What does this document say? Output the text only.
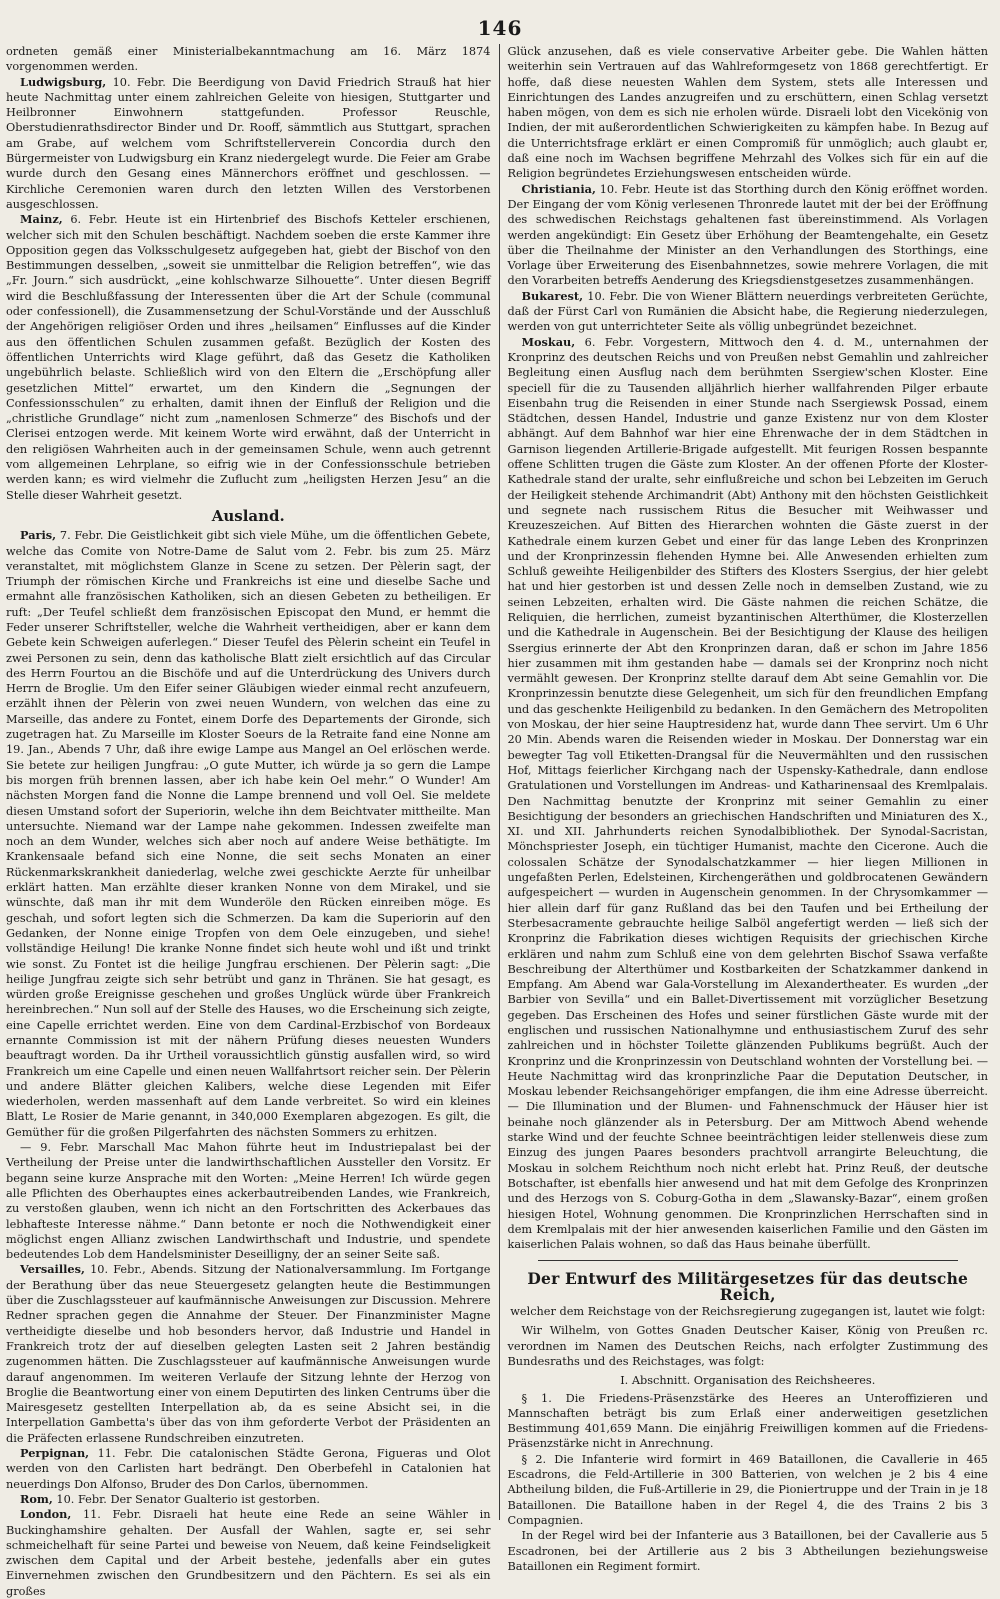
146

ordneten gemäß einer Ministerialbekanntmachung am 16. März 1874 vorgenommen werden.

Ludwigsburg, 10. Febr. Die Beerdigung von David Friedrich Strauß hat hier heute Nachmittag unter einem zahlreichen Geleite von hiesigen, Stuttgarter und Heilbronner Einwohnern stattgefunden. Professor Reuschle, Oberstudienrathsdirector Binder und Dr. Rooff, sämmtlich aus Stuttgart, sprachen am Grabe, auf welchem vom Schriftstellerverein Concordia durch den Bürgermeister von Ludwigsburg ein Kranz niedergelegt wurde. Die Feier am Grabe wurde durch den Gesang eines Männerchors eröffnet und geschlossen. — Kirchliche Ceremonien waren durch den letzten Willen des Verstorbenen ausgeschlossen.

Mainz, 6. Febr. Heute ist ein Hirtenbrief des Bischofs Ketteler erschienen, welcher sich mit den Schulen beschäftigt. Nachdem soeben die erste Kammer ihre Opposition gegen das Volksschulgesetz aufgegeben hat, giebt der Bischof von den Bestimmungen desselben, „soweit sie unmittelbar die Religion betreffen“, wie das „Fr. Journ.“ sich ausdrückt, „eine kohlschwarze Silhouette“. Unter diesen Begriff wird die Beschlußfassung der Interessenten über die Art der Schule (communal oder confessionell), die Zusammensetzung der Schul-Vorstände und der Ausschluß der Angehörigen religiöser Orden und ihres „heilsamen“ Einflusses auf die Kinder aus den öffentlichen Schulen zusammen gefaßt. Bezüglich der Kosten des öffentlichen Unterrichts wird Klage geführt, daß das Gesetz die Katholiken ungebührlich belaste. Schließlich wird von den Eltern die „Erschöpfung aller gesetzlichen Mittel“ erwartet, um den Kindern die „Segnungen der Confessionsschulen“ zu erhalten, damit ihnen der Einfluß der Religion und die „christliche Grundlage“ nicht zum „namenlosen Schmerze“ des Bischofs und der Clerisei entzogen werde. Mit keinem Worte wird erwähnt, daß der Unterricht in den religiösen Wahrheiten auch in der gemeinsamen Schule, wenn auch getrennt vom allgemeinen Lehrplane, so eifrig wie in der Confessionsschule betrieben werden kann; es wird vielmehr die Zuflucht zum „heiligsten Herzen Jesu“ an die Stelle dieser Wahrheit gesetzt.

Ausland.

Paris, 7. Febr. Die Geistlichkeit gibt sich viele Mühe, um die öffentlichen Gebete, welche das Comite von Notre-Dame de Salut vom 2. Febr. bis zum 25. März veranstaltet, mit möglichstem Glanze in Scene zu setzen. Der Pèlerin sagt, der Triumph der römischen Kirche und Frankreichs ist eine und dieselbe Sache und ermahnt alle französischen Katholiken, sich an diesen Gebeten zu betheiligen. Er ruft: „Der Teufel schließt dem französischen Episcopat den Mund, er hemmt die Feder unserer Schriftsteller, welche die Wahrheit vertheidigen, aber er kann dem Gebete kein Schweigen auferlegen.“ Dieser Teufel des Pèlerin scheint ein Teufel in zwei Personen zu sein, denn das katholische Blatt zielt ersichtlich auf das Circular des Herrn Fourtou an die Bischöfe und auf die Unterdrückung des Univers durch Herrn de Broglie. Um den Eifer seiner Gläubigen wieder einmal recht anzufeuern, erzählt ihnen der Pèlerin von zwei neuen Wundern, von welchen das eine zu Marseille, das andere zu Fontet, einem Dorfe des Departements der Gironde, sich zugetragen hat. Zu Marseille im Kloster Soeurs de la Retraite fand eine Nonne am 19. Jan., Abends 7 Uhr, daß ihre ewige Lampe aus Mangel an Oel erlöschen werde. Sie betete zur heiligen Jungfrau: „O gute Mutter, ich würde ja so gern die Lampe bis morgen früh brennen lassen, aber ich habe kein Oel mehr.“ O Wunder! Am nächsten Morgen fand die Nonne die Lampe brennend und voll Oel. Sie meldete diesen Umstand sofort der Superiorin, welche ihn dem Beichtvater mittheilte. Man untersuchte. Niemand war der Lampe nahe gekommen. Indessen zweifelte man noch an dem Wunder, welches sich aber noch auf andere Weise bethätigte. Im Krankensaale befand sich eine Nonne, die seit sechs Monaten an einer Rückenmarkskrankheit daniederlag, welche zwei geschickte Aerzte für unheilbar erklärt hatten. Man erzählte dieser kranken Nonne von dem Mirakel, und sie wünschte, daß man ihr mit dem Wunderöle den Rücken einreiben möge. Es geschah, und sofort legten sich die Schmerzen. Da kam die Superiorin auf den Gedanken, der Nonne einige Tropfen von dem Oele einzugeben, und siehe! vollständige Heilung! Die kranke Nonne findet sich heute wohl und ißt und trinkt wie sonst. Zu Fontet ist die heilige Jungfrau erschienen. Der Pèlerin sagt: „Die heilige Jungfrau zeigte sich sehr betrübt und ganz in Thränen. Sie hat gesagt, es würden große Ereignisse geschehen und großes Unglück würde über Frankreich hereinbrechen.“ Nun soll auf der Stelle des Hauses, wo die Erscheinung sich zeigte, eine Capelle errichtet werden. Eine von dem Cardinal-Erzbischof von Bordeaux ernannte Commission ist mit der nähern Prüfung dieses neuesten Wunders beauftragt worden. Da ihr Urtheil voraussichtlich günstig ausfallen wird, so wird Frankreich um eine Capelle und einen neuen Wallfahrtsort reicher sein. Der Pèlerin und andere Blätter gleichen Kalibers, welche diese Legenden mit Eifer wiederholen, werden massenhaft auf dem Lande verbreitet. So wird ein kleines Blatt, Le Rosier de Marie genannt, in 340,000 Exemplaren abgezogen. Es gilt, die Gemüther für die großen Pilgerfahrten des nächsten Sommers zu erhitzen.

— 9. Febr. Marschall Mac Mahon führte heut im Industriepalast bei der Vertheilung der Preise unter die landwirthschaftlichen Aussteller den Vorsitz. Er begann seine kurze Ansprache mit den Worten: „Meine Herren! Ich würde gegen alle Pflichten des Oberhauptes eines ackerbautreibenden Landes, wie Frankreich, zu verstoßen glauben, wenn ich nicht an den Fortschritten des Ackerbaues das lebhafteste Interesse nähme.“ Dann betonte er noch die Nothwendigkeit einer möglichst engen Allianz zwischen Landwirthschaft und Industrie, und spendete bedeutendes Lob dem Handelsminister Deseilligny, der an seiner Seite saß.

Versailles, 10. Febr., Abends. Sitzung der Nationalversammlung. Im Fortgange der Berathung über das neue Steuergesetz gelangten heute die Bestimmungen über die Zuschlagssteuer auf kaufmännische Anweisungen zur Discussion. Mehrere Redner sprachen gegen die Annahme der Steuer. Der Finanzminister Magne vertheidigte dieselbe und hob besonders hervor, daß Industrie und Handel in Frankreich trotz der auf dieselben gelegten Lasten seit 2 Jahren beständig zugenommen hätten. Die Zuschlagssteuer auf kaufmännische Anweisungen wurde darauf angenommen. Im weiteren Verlaufe der Sitzung lehnte der Herzog von Broglie die Beantwortung einer von einem Deputirten des linken Centrums über die Mairesgesetz gestellten Interpellation ab, da es seine Absicht sei, in die Interpellation Gambetta's über das von ihm geforderte Verbot der Präsidenten an die Präfecten erlassene Rundschreiben einzutreten.

Perpignan, 11. Febr. Die catalonischen Städte Gerona, Figueras und Olot werden von den Carlisten hart bedrängt. Den Oberbefehl in Catalonien hat neuerdings Don Alfonso, Bruder des Don Carlos, übernommen.

Rom, 10. Febr. Der Senator Gualterio ist gestorben.

London, 11. Febr. Disraeli hat heute eine Rede an seine Wähler in Buckinghamshire gehalten. Der Ausfall der Wahlen, sagte er, sei sehr schmeichelhaft für seine Partei und beweise von Neuem, daß keine Feindseligkeit zwischen dem Capital und der Arbeit bestehe, jedenfalls aber ein gutes Einvernehmen zwischen den Grundbesitzern und den Pächtern. Es sei als ein großes

Glück anzusehen, daß es viele conservative Arbeiter gebe. Die Wahlen hätten weiterhin sein Vertrauen auf das Wahlreformgesetz von 1868 gerechtfertigt. Er hoffe, daß diese neuesten Wahlen dem System, stets alle Interessen und Einrichtungen des Landes anzugreifen und zu erschüttern, einen Schlag versetzt haben mögen, von dem es sich nie erholen würde. Disraeli lobt den Vicekönig von Indien, der mit außerordentlichen Schwierigkeiten zu kämpfen habe. In Bezug auf die Unterrichtsfrage erklärt er einen Compromiß für unmöglich; auch glaubt er, daß eine noch im Wachsen begriffene Mehrzahl des Volkes sich für ein auf die Religion begründetes Erziehungswesen entscheiden würde.

Christiania, 10. Febr. Heute ist das Storthing durch den König eröffnet worden. Der Eingang der vom König verlesenen Thronrede lautet mit der bei der Eröffnung des schwedischen Reichstags gehaltenen fast übereinstimmend. Als Vorlagen werden angekündigt: Ein Gesetz über Erhöhung der Beamtengehalte, ein Gesetz über die Theilnahme der Minister an den Verhandlungen des Storthings, eine Vorlage über Erweiterung des Eisenbahnnetzes, sowie mehrere Vorlagen, die mit den Vorarbeiten betreffs Aenderung des Kriegsdienstgesetzes zusammenhängen.

Bukarest, 10. Febr. Die von Wiener Blättern neuerdings verbreiteten Gerüchte, daß der Fürst Carl von Rumänien die Absicht habe, die Regierung niederzulegen, werden von gut unterrichteter Seite als völlig unbegründet bezeichnet.

Moskau, 6. Febr. Vorgestern, Mittwoch den 4. d. M., unternahmen der Kronprinz des deutschen Reichs und von Preußen nebst Gemahlin und zahlreicher Begleitung einen Ausflug nach dem berühmten Ssergiew'schen Kloster. Eine speciell für die zu Tausenden alljährlich hierher wallfahrenden Pilger erbaute Eisenbahn trug die Reisenden in einer Stunde nach Ssergiewsk Possad, einem Städtchen, dessen Handel, Industrie und ganze Existenz nur von dem Kloster abhängt. Auf dem Bahnhof war hier eine Ehrenwache der in dem Städtchen in Garnison liegenden Artillerie-Brigade aufgestellt. Mit feurigen Rossen bespannte offene Schlitten trugen die Gäste zum Kloster. An der offenen Pforte der Kloster-Kathedrale stand der uralte, sehr einflußreiche und schon bei Lebzeiten im Geruch der Heiligkeit stehende Archimandrit (Abt) Anthony mit den höchsten Geistlichkeit und segnete nach russischem Ritus die Besucher mit Weihwasser und Kreuzeszeichen. Auf Bitten des Hierarchen wohnten die Gäste zuerst in der Kathedrale einem kurzen Gebet und einer für das lange Leben des Kronprinzen und der Kronprinzessin flehenden Hymne bei. Alle Anwesenden erhielten zum Schluß geweihte Heiligenbilder des Stifters des Klosters Ssergius, der hier gelebt hat und hier gestorben ist und dessen Zelle noch in demselben Zustand, wie zu seinen Lebzeiten, erhalten wird. Die Gäste nahmen die reichen Schätze, die Reliquien, die herrlichen, zumeist byzantinischen Alterthümer, die Klosterzellen und die Kathedrale in Augenschein. Bei der Besichtigung der Klause des heiligen Ssergius erinnerte der Abt den Kronprinzen daran, daß er schon im Jahre 1856 hier zusammen mit ihm gestanden habe — damals sei der Kronprinz noch nicht vermählt gewesen. Der Kronprinz stellte darauf dem Abt seine Gemahlin vor. Die Kronprinzessin benutzte diese Gelegenheit, um sich für den freundlichen Empfang und das geschenkte Heiligenbild zu bedanken. In den Gemächern des Metropoliten von Moskau, der hier seine Hauptresidenz hat, wurde dann Thee servirt. Um 6 Uhr 20 Min. Abends waren die Reisenden wieder in Moskau. Der Donnerstag war ein bewegter Tag voll Etiketten-Drangsal für die Neuvermählten und den russischen Hof, Mittags feierlicher Kirchgang nach der Uspensky-Kathedrale, dann endlose Gratulationen und Vorstellungen im Andreas- und Katharinensaal des Kremlpalais. Den Nachmittag benutzte der Kronprinz mit seiner Gemahlin zu einer Besichtigung der besonders an griechischen Handschriften und Miniaturen des X., XI. und XII. Jahrhunderts reichen Synodalbibliothek. Der Synodal-Sacristan, Mönchspriester Joseph, ein tüchtiger Humanist, machte den Cicerone. Auch die colossalen Schätze der Synodalschatzkammer — hier liegen Millionen in ungefaßten Perlen, Edelsteinen, Kirchengeräthen und goldbrocatenen Gewändern aufgespeichert — wurden in Augenschein genommen. In der Chrysomkammer — hier allein darf für ganz Rußland das bei den Taufen und bei Ertheilung der Sterbesacramente gebrauchte heilige Salböl angefertigt werden — ließ sich der Kronprinz die Fabrikation dieses wichtigen Requisits der griechischen Kirche erklären und nahm zum Schluß eine von dem gelehrten Bischof Ssawa verfaßte Beschreibung der Alterthümer und Kostbarkeiten der Schatzkammer dankend in Empfang. Am Abend war Gala-Vorstellung im Alexandertheater. Es wurden „der Barbier von Sevilla“ und ein Ballet-Divertissement mit vorzüglicher Besetzung gegeben. Das Erscheinen des Hofes und seiner fürstlichen Gäste wurde mit der englischen und russischen Nationalhymne und enthusiastischem Zuruf des sehr zahlreichen und in höchster Toilette glänzenden Publikums begrüßt. Auch der Kronprinz und die Kronprinzessin von Deutschland wohnten der Vorstellung bei. — Heute Nachmittag wird das kronprinzliche Paar die Deputation Deutscher, in Moskau lebender Reichsangehöriger empfangen, die ihm eine Adresse überreicht. — Die Illumination und der Blumen- und Fahnenschmuck der Häuser hier ist beinahe noch glänzender als in Petersburg. Der am Mittwoch Abend wehende starke Wind und der feuchte Schnee beeinträchtigen leider stellenweis diese zum Einzug des jungen Paares besonders prachtvoll arrangirte Beleuchtung, die Moskau in solchem Reichthum noch nicht erlebt hat. Prinz Reuß, der deutsche Botschafter, ist ebenfalls hier anwesend und hat mit dem Gefolge des Kronprinzen und des Herzogs von S. Coburg-Gotha in dem „Slawansky-Bazar“, einem großen hiesigen Hotel, Wohnung genommen. Die Kronprinzlichen Herrschaften sind in dem Kremlpalais mit der hier anwesenden kaiserlichen Familie und den Gästen im kaiserlichen Palais wohnen, so daß das Haus beinahe überfüllt.

Der Entwurf des Militärgesetzes für das deutsche Reich,
welcher dem Reichstage von der Reichsregierung zugegangen ist, lautet wie folgt:

Wir Wilhelm, von Gottes Gnaden Deutscher Kaiser, König von Preußen rc. verordnen im Namen des Deutschen Reichs, nach erfolgter Zustimmung des Bundesraths und des Reichstages, was folgt:

I. Abschnitt. Organisation des Reichsheeres.

§ 1. Die Friedens-Präsenzstärke des Heeres an Unteroffizieren und Mannschaften beträgt bis zum Erlaß einer anderweitigen gesetzlichen Bestimmung 401,659 Mann. Die einjährig Freiwilligen kommen auf die Friedens-Präsenzstärke nicht in Anrechnung.

§ 2. Die Infanterie wird formirt in 469 Bataillonen, die Cavallerie in 465 Escadrons, die Feld-Artillerie in 300 Batterien, von welchen je 2 bis 4 eine Abtheilung bilden, die Fuß-Artillerie in 29, die Pioniertruppe und der Train in je 18 Bataillonen. Die Bataillone haben in der Regel 4, die des Trains 2 bis 3 Compagnien.

In der Regel wird bei der Infanterie aus 3 Bataillonen, bei der Cavallerie aus 5 Escadronen, bei der Artillerie aus 2 bis 3 Abtheilungen beziehungsweise Bataillonen ein Regiment formirt.
